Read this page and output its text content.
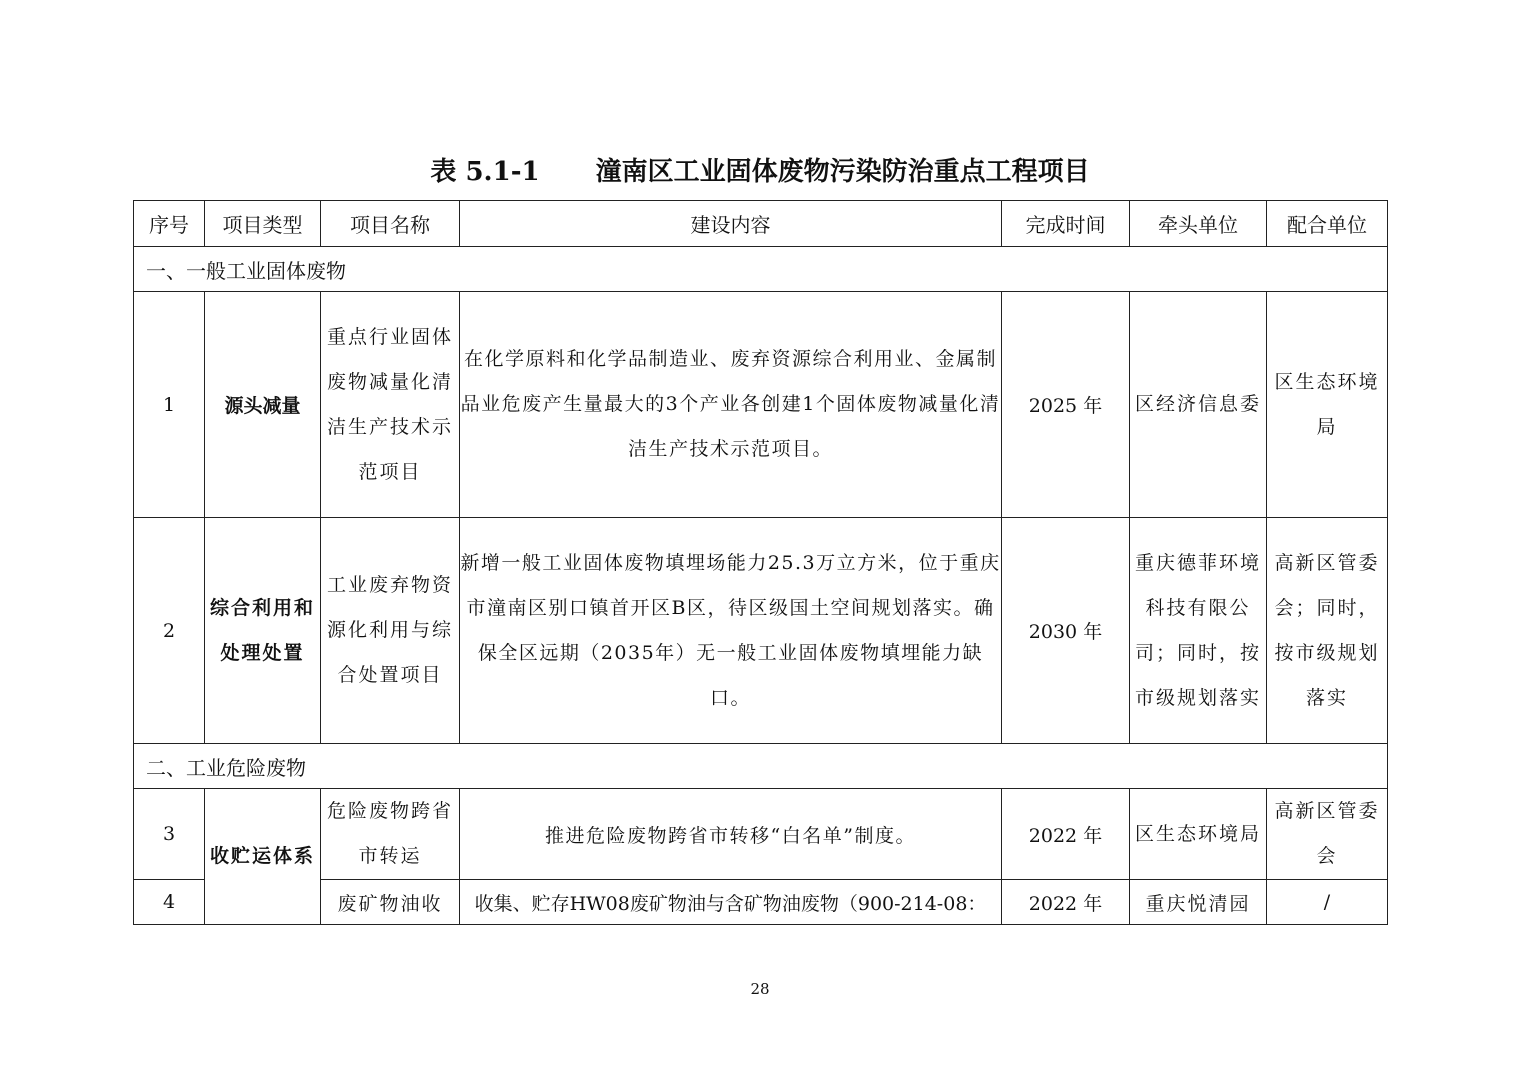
表 5.1-1 潼南区工业固体废物污染防治重点工程项目
序号	项目类型	项目名称	建设内容	完成时间	牵头单位	配合单位
一、一般工业固体废物						
1	源头减量	重点行业固体废物减量化清洁生产技术示范项目	在化学原料和化学品制造业、废弃资源综合利用业、金属制品业危废产生量最大的3个产业各创建1个固体废物减量化清洁生产技术示范项目。	2025 年	区经济信息委	区生态环境局
2	综合利用和处理处置	工业废弃物资源化利用与综合处置项目	新增一般工业固体废物填埋场能力25.3万立方米，位于重庆市潼南区别口镇首开区B区，待区级国土空间规划落实。确保全区远期（2035年）无一般工业固体废物填埋能力缺口。	2030 年	重庆德菲环境科技有限公司；同时，按市级规划落实	高新区管委会；同时，按市级规划落实
二、工业危险废物						
3	收贮运体系	危险废物跨省市转运	推进危险废物跨省市转移“白名单”制度。	2022 年	区生态环境局	高新区管委会
4		废矿物油收	收集、贮存HW08废矿物油与含矿物油废物（900-214-08：	2022 年	重庆悦清园	/
28
